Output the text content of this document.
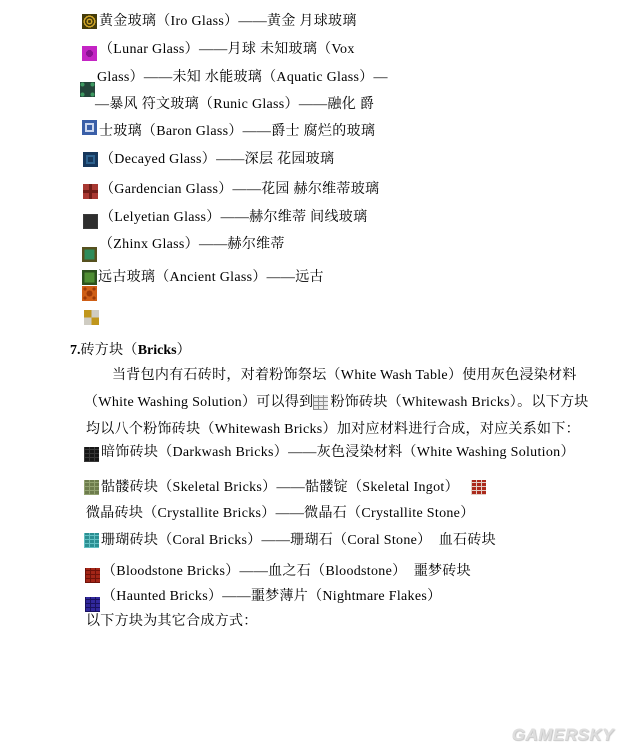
黄金玻璃（Iro Glass）——黄金 月球玻璃
（Lunar Glass）——月球 未知玻璃（Vox
Glass）——未知 水能玻璃（Aquatic Glass）—
—暴风 符文玻璃（Runic Glass）——融化 爵
士玻璃（Baron Glass）——爵士 腐烂的玻璃
（Decayed Glass）——深层 花园玻璃
（Gardencian Glass）——花园 赫尔维蒂玻璃
（Lelyetian Glass）——赫尔维蒂 间线玻璃
（Zhinx Glass）——赫尔维蒂
远古玻璃（Ancient Glass）——远古
7.砖方块（Bricks）
当背包内有石砖时，对着粉饰祭坛（White Wash Table）使用灰色浸染材料
（White Washing Solution）可以得到 粉饰砖块（Whitewash Bricks）。以下方块
均以八个粉饰砖块（Whitewash Bricks）加对应材料进行合成，对应关系如下：
暗饰砖块（Darkwash Bricks）——灰色浸染材料（White Washing Solution）
骷髅砖块（Skeletal Bricks）——骷髅锭（Skeletal Ingot）
微晶砖块（Crystallite Bricks）——微晶石（Crystallite Stone）
珊瑚砖块（Coral Bricks）——珊瑚石（Coral Stone）　血石砖块
（Bloodstone Bricks）——血之石（Bloodstone）　噩梦砖块
（Haunted Bricks）——噩梦薄片（Nightmare Flakes）
以下方块为其它合成方式：
GAMERSKY
